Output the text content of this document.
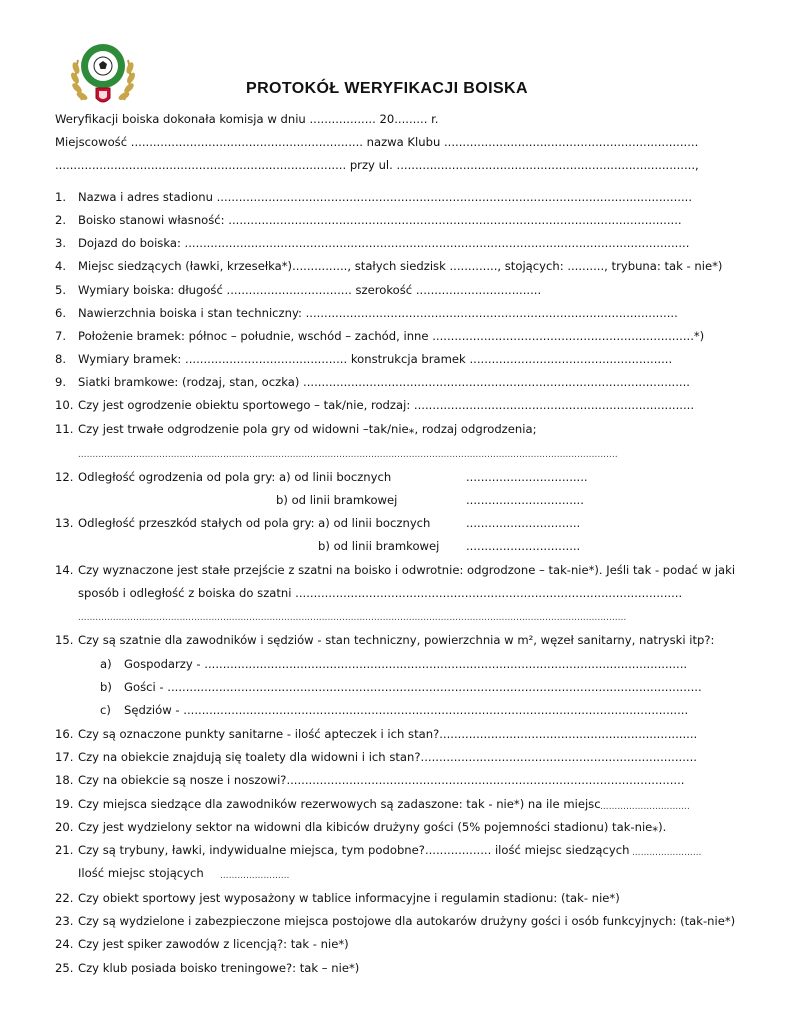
PROTOKÓŁ WERYFIKACJI BOISKA
Weryfikacji boiska dokonała komisja w dniu .................. 20......... r.
Miejscowość ............................................................... nazwa Klubu .....................................................................
............................................................................... przy ul. .................................................................................,
1. Nazwa i adres stadionu .................................................................................................................................
2. Boisko stanowi własność: ...........................................................................................................................
3. Dojazd do boiska: .........................................................................................................................................
4. Miejsc siedzących (ławki, krzesełka*)..............., stałych siedzisk ............., stojących: .........., trybuna: tak - nie*)
5. Wymiary boiska: długość .................................. szerokość ..................................
6. Nawierzchnia boiska i stan techniczny: .....................................................................................................
7. Położenie bramek: północ – południe, wschód – zachód, inne .......................................................................*)
8. Wymiary bramek: ............................................ konstrukcja bramek .......................................................
9. Siatki bramkowe: (rodzaj, stan, oczka) .........................................................................................................
10. Czy jest ogrodzenie obiektu sportowego – tak/nie, rodzaj: ............................................................................
11. Czy jest trwałe odgrodzenie pola gry od widowni –tak/nie⁎, rodzaj odgrodzenia;
..........................................................................................................................................................................................
12. Odległość ogrodzenia od pola gry: a) od linii bocznych	.................................
b) od linii bramkowej	................................
13. Odległość przeszkód stałych od pola gry: a) od linii bocznych	...............................
b) od linii bramkowej ...............................
14. Czy wyznaczone jest stałe przejście z szatni na boisko i odwrotnie: odgrodzone – tak-nie*). Jeśli tak - podać w jaki
sposób i odległość z boiska do szatni .........................................................................................................
.............................................................................................................................................................................................
15. Czy są szatnie dla zawodników i sędziów - stan techniczny, powierzchnia w m², węzeł sanitarny, natryski itp?:
a) Gospodarzy - ...................................................................................................................................
b) Gości - .................................................................................................................................................
c) Sędziów - .........................................................................................................................................
16. Czy są oznaczone punkty sanitarne - ilość apteczek i ich stan?......................................................................
17. Czy na obiekcie znajdują się toalety dla widowni i ich stan?...........................................................................
18. Czy na obiekcie są nosze i noszowi?............................................................................................................
19. Czy miejsca siedzące dla zawodników rezerwowych są zadaszone: tak - nie*) na ile miejsc ………………………….
20. Czy jest wydzielony sektor na widowni dla kibiców drużyny gości (5% pojemności stadionu) tak-nie⁎).
21. Czy są trybuny, ławki, indywidualne miejsca, tym podobne?.................. ilość miejsc siedzących ……………………
Ilość miejsc stojących ……………………
22. Czy obiekt sportowy jest wyposażony w tablice informacyjne i regulamin stadionu: (tak- nie*)
23. Czy są wydzielone i zabezpieczone miejsca postojowe dla autokarów drużyny gości i osób funkcyjnych: (tak-nie*)
24. Czy jest spiker zawodów z licencją?: tak - nie*)
25. Czy klub posiada boisko treningowe?: tak – nie*)
